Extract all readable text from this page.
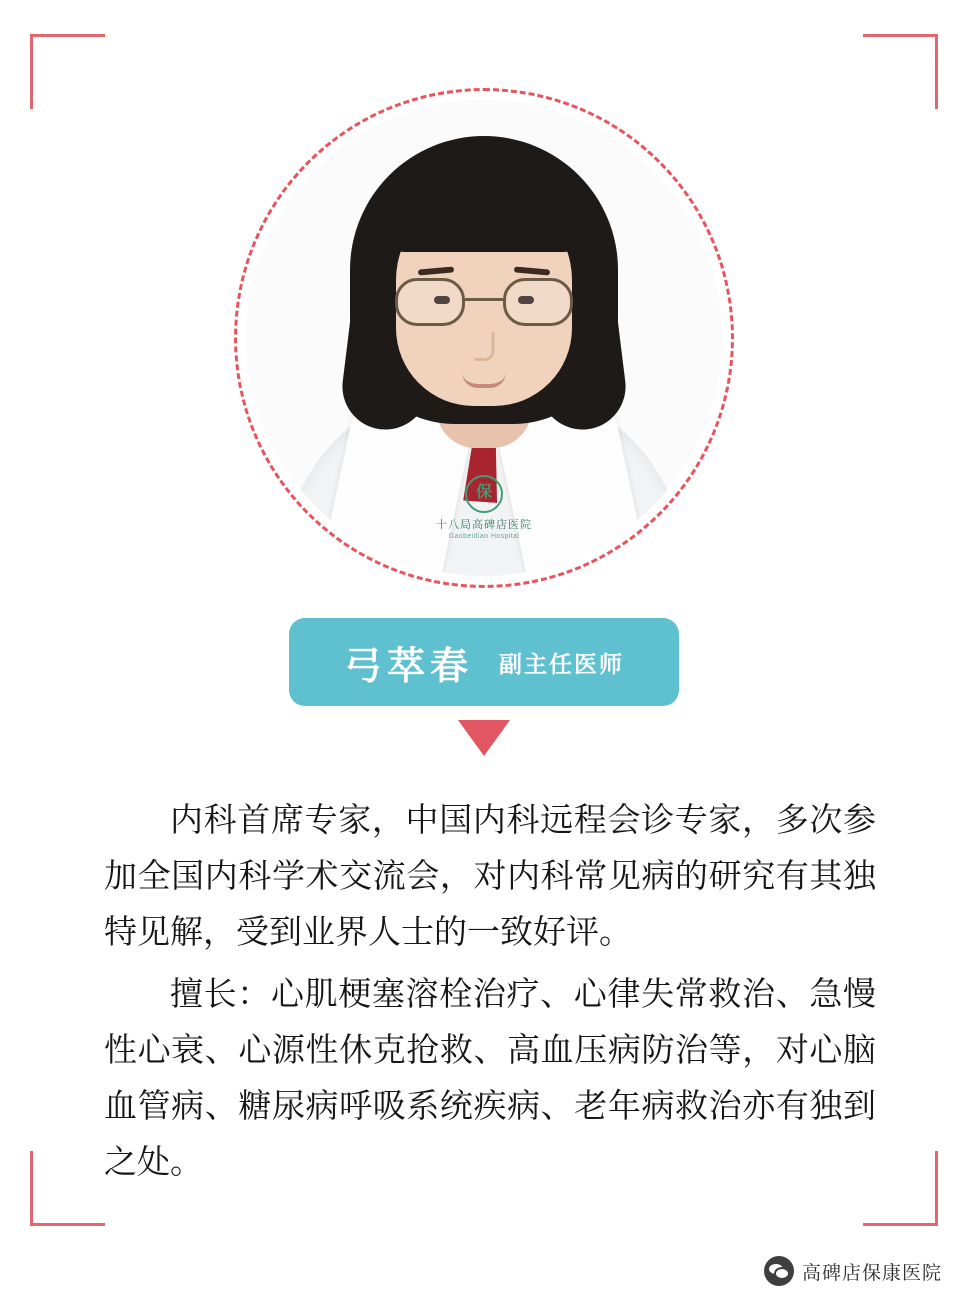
保
十八局高碑店医院
Gaobeidian Hospital
弓萃春 副主任医师

内科首席专家，中国内科远程会诊专家，多次参加全国内科学术交流会，对内科常见病的研究有其独特见解，受到业界人士的一致好评。

擅长：心肌梗塞溶栓治疗、心律失常救治、急慢性心衰、心源性休克抢救、高血压病防治等，对心脑血管病、糖尿病呼吸系统疾病、老年病救治亦有独到之处。

高碑店保康医院
